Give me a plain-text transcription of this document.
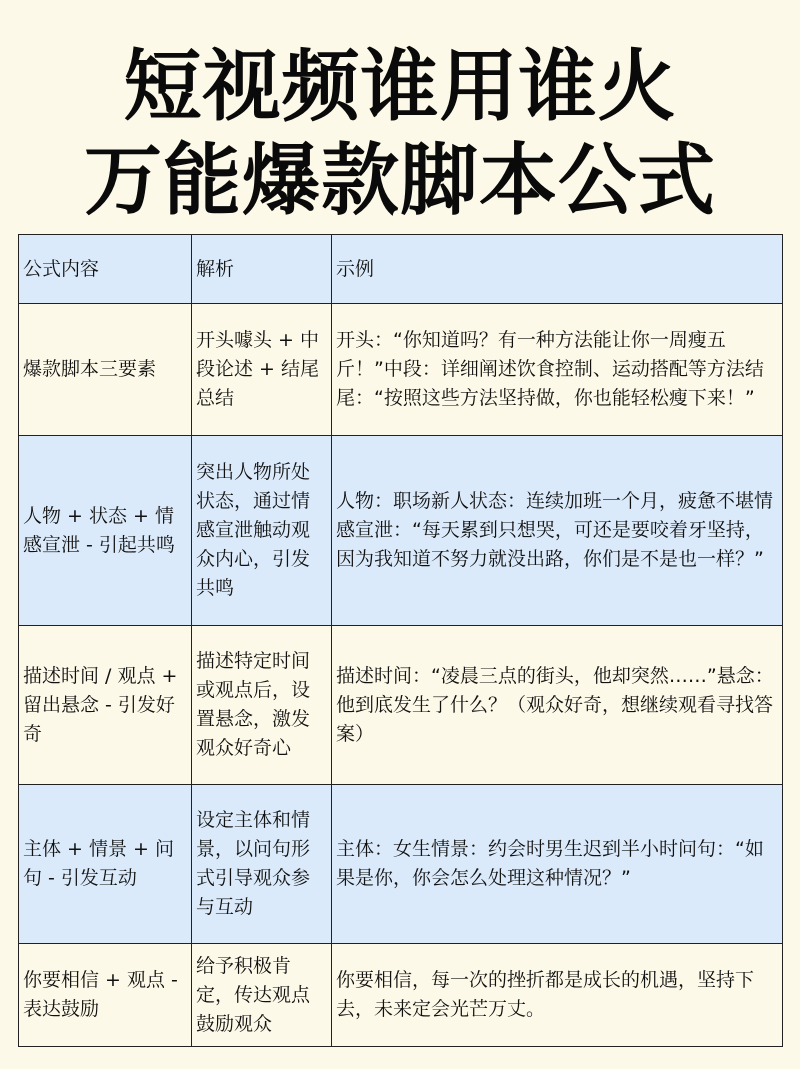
短视频谁用谁火
万能爆款脚本公式
公式内容	解析	示例
爆款脚本三要素	开头噱头 + 中段论述 + 结尾总结	开头：“你知道吗？有一种方法能让你一周瘦五斤！”中段：详细阐述饮食控制、运动搭配等方法结尾：“按照这些方法坚持做，你也能轻松瘦下来！”
人物 + 状态 + 情感宣泄 - 引起共鸣	突出人物所处状态，通过情感宣泄触动观众内心，引发共鸣	人物：职场新人状态：连续加班一个月，疲惫不堪情感宣泄：“每天累到只想哭，可还是要咬着牙坚持，因为我知道不努力就没出路，你们是不是也一样？”
描述时间 / 观点 + 留出悬念 - 引发好奇	描述特定时间或观点后，设置悬念，激发观众好奇心	描述时间：“凌晨三点的街头，他却突然……”悬念：他到底发生了什么？（观众好奇，想继续观看寻找答案）
主体 + 情景 + 问句 - 引发互动	设定主体和情景，以问句形式引导观众参与互动	主体：女生情景：约会时男生迟到半小时问句：“如果是你，你会怎么处理这种情况？”
你要相信 + 观点 - 表达鼓励	给予积极肯定，传达观点鼓励观众	你要相信，每一次的挫折都是成长的机遇，坚持下去，未来定会光芒万丈。
